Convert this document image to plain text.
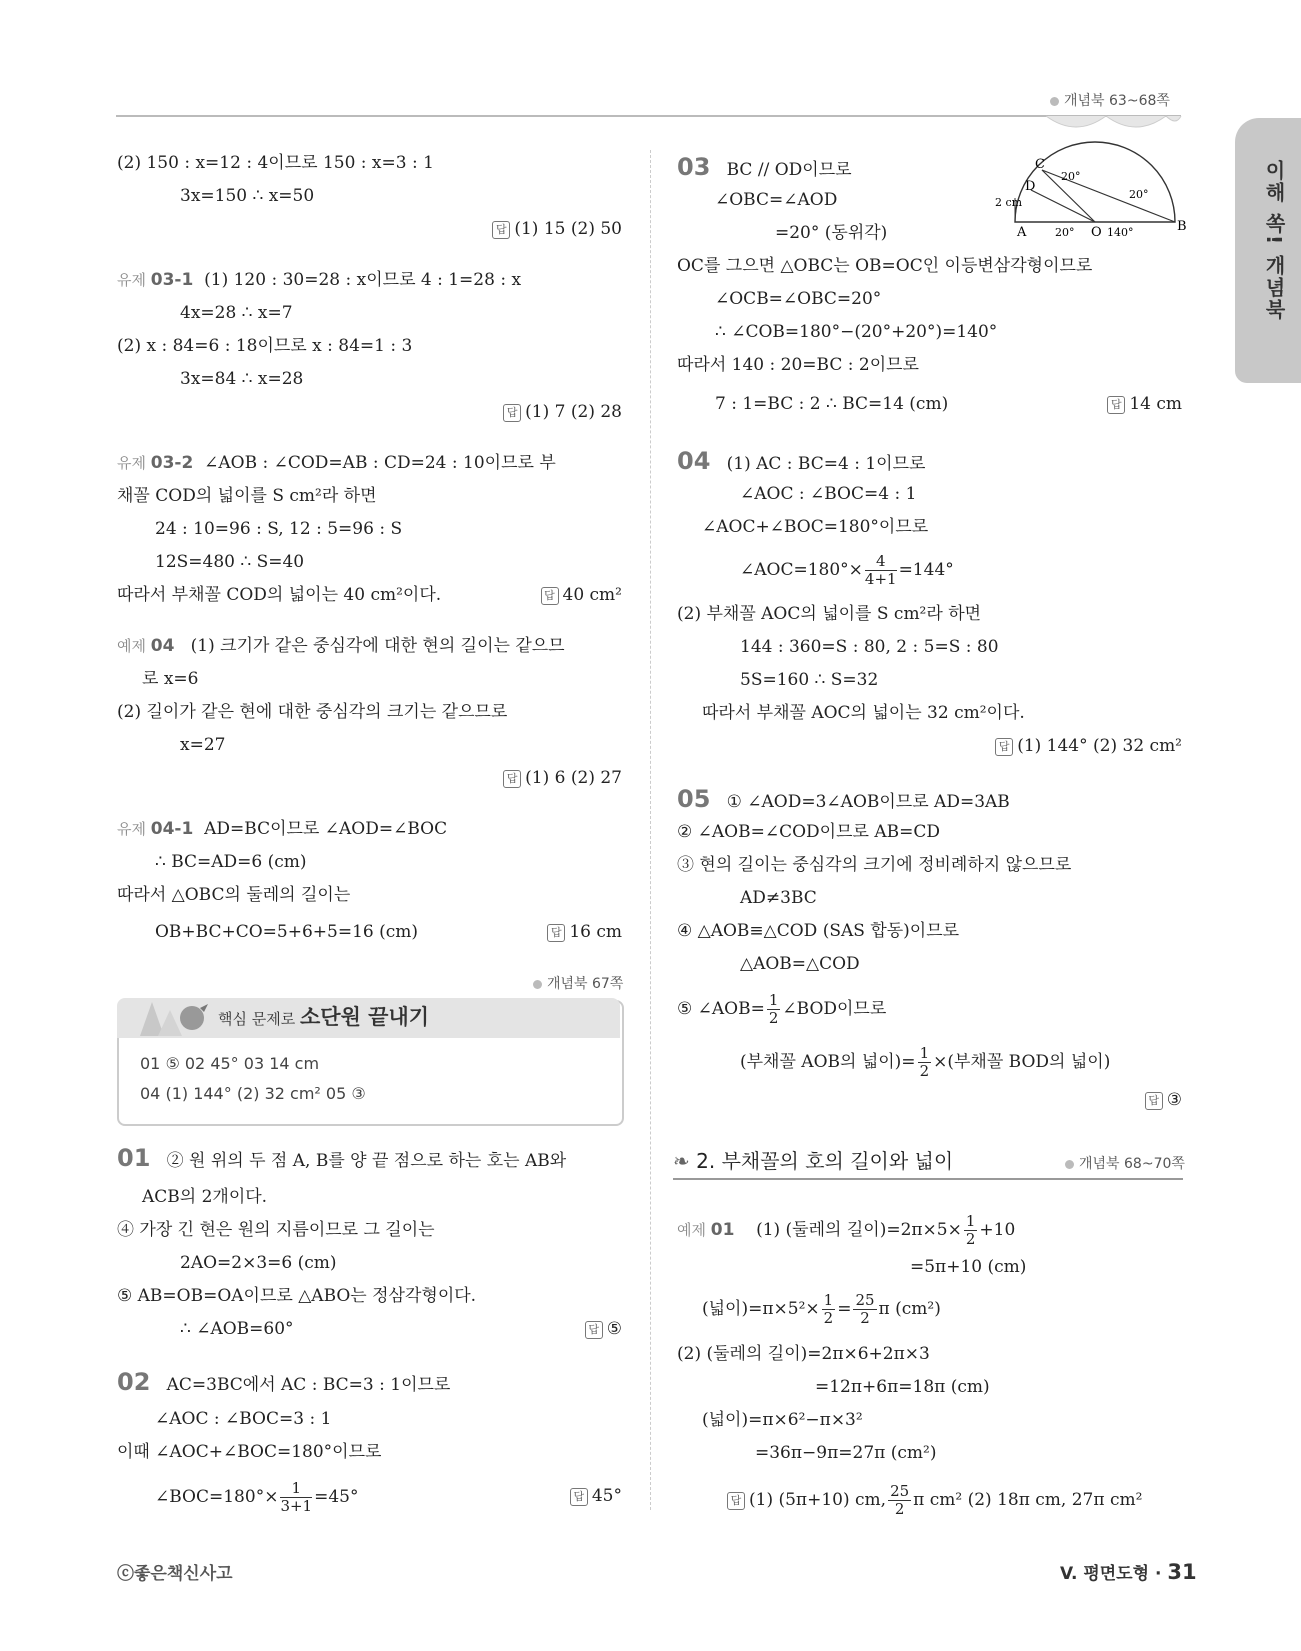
개념북 63~68쪽
이해 쏙! 개념북
(2) 150 : x=12 : 4이므로 150 : x=3 : 1
3x=150 ∴ x=50
답 (1) 15 (2) 50
유제 03-1 (1) 120 : 30=28 : x이므로 4 : 1=28 : x
4x=28 ∴ x=7
(2) x : 84=6 : 18이므로 x : 84=1 : 3
3x=84 ∴ x=28
답 (1) 7 (2) 28
유제 03-2 ∠AOB : ∠COD=AB : CD=24 : 10이므로 부
채꼴 COD의 넓이를 S cm²라 하면
24 : 10=96 : S, 12 : 5=96 : S
12S=480 ∴ S=40
따라서 부채꼴 COD의 넓이는 40 cm²이다.	답 40 cm²
예제 04 (1) 크기가 같은 중심각에 대한 현의 길이는 같으므
로 x=6
(2) 길이가 같은 현에 대한 중심각의 크기는 같으므로
x=27
답 (1) 6 (2) 27
유제 04-1 AD=BC이므로 ∠AOD=∠BOC
∴ BC=AD=6 (cm)
따라서 △OBC의 둘레의 길이는
OB+BC+CO=5+6+5=16 (cm)	답 16 cm
개념북 67쪽
핵심 문제로 소단원 끝내기
01 ⑤ 02 45° 03 14 cm
04 (1) 144° (2) 32 cm² 05 ③
01 ② 원 위의 두 점 A, B를 양 끝 점으로 하는 호는 AB와
ACB의 2개이다.
④ 가장 긴 현은 원의 지름이므로 그 길이는
2AO=2×3=6 (cm)
⑤ AB=OB=OA이므로 △ABO는 정삼각형이다.
∴ ∠AOB=60°	답 ⑤
02 AC=3BC에서 AC : BC=3 : 1이므로
∠AOC : ∠BOC=3 : 1
이때 ∠AOC+∠BOC=180°이므로
∠BOC=180°× $\frac{1}{3+1} =45^\circ$	답 45°
03 BC // OD이므로
∠OBC=∠AOD
=20° (동위각)
C
D
A	O	B
20°
20°
20°	140°
2 cm
OC를 그으면 △OBC는 OB=OC인 이등변삼각형이므로
∠OCB=∠OBC=20°
∴ ∠COB=180°−(20°+20°)=140°
따라서 140 : 20=BC : 2이므로
7 : 1=BC : 2 ∴ BC=14 (cm)	답 14 cm
04 (1) AC : BC=4 : 1이므로
∠AOC : ∠BOC=4 : 1
∠AOC+∠BOC=180°이므로
∠AOC=180°× $\frac{4}{4+1} =144^\circ$
(2) 부채꼴 AOC의 넓이를 S cm²라 하면
144 : 360=S : 80, 2 : 5=S : 80
5S=160 ∴ S=32
따라서 부채꼴 AOC의 넓이는 32 cm²이다.
답 (1) 144° (2) 32 cm²
05 ① ∠AOD=3∠AOB이므로 AD=3AB
② ∠AOB=∠COD이므로 AB=CD
③ 현의 길이는 중심각의 크기에 정비례하지 않으므로
AD≠3BC
④ △AOB≡△COD (SAS 합동)이므로
△AOB=△COD
⑤ ∠AOB= $\frac{1}{2}$ ∠BOD이므로
(부채꼴 AOB의 넓이)= $\frac{1}{2}$ ×(부채꼴 BOD의 넓이)
답 ③
❧ 2. 부채꼴의 호의 길이와 넓이	개념북 68~70쪽
예제 01 (1) (둘레의 길이)$=2\pi\times 5\times \frac{1}{2} +10$
=5π+10 (cm)
(넓이)$=\pi\times 5^2\times \frac{1}{2} = \frac{25}{2}$ π (cm²)
(2) (둘레의 길이)=2π×6+2π×3
=12π+6π=18π (cm)
(넓이)=π×6²−π×3²
=36π−9π=27π (cm²)
답 (1) (5π+10) cm, $\frac{25}{2}$ π cm² (2) 18π cm, 27π cm²
ⓒ좋은책신사고	V. 평면도형 · 31
